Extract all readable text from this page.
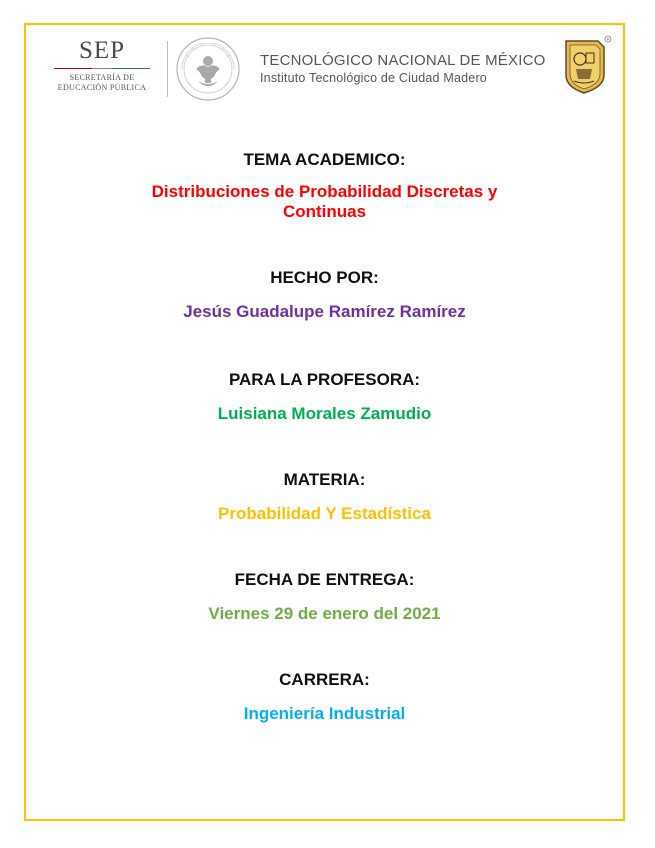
SEP
SECRETARÍA DE
EDUCACIÓN PÚBLICA
TECNOLÓGICO NACIONAL DE MÉXICO
Instituto Tecnológico de Ciudad Madero
R
TEMA ACADEMICO:
Distribuciones de Probabilidad Discretas y
Continuas
HECHO POR:
Jesús Guadalupe Ramírez Ramírez
PARA LA PROFESORA:
Luisiana Morales Zamudio
MATERIA:
Probabilidad Y Estadística
FECHA DE ENTREGA:
Viernes 29 de enero del 2021
CARRERA:
Ingeniería Industrial
